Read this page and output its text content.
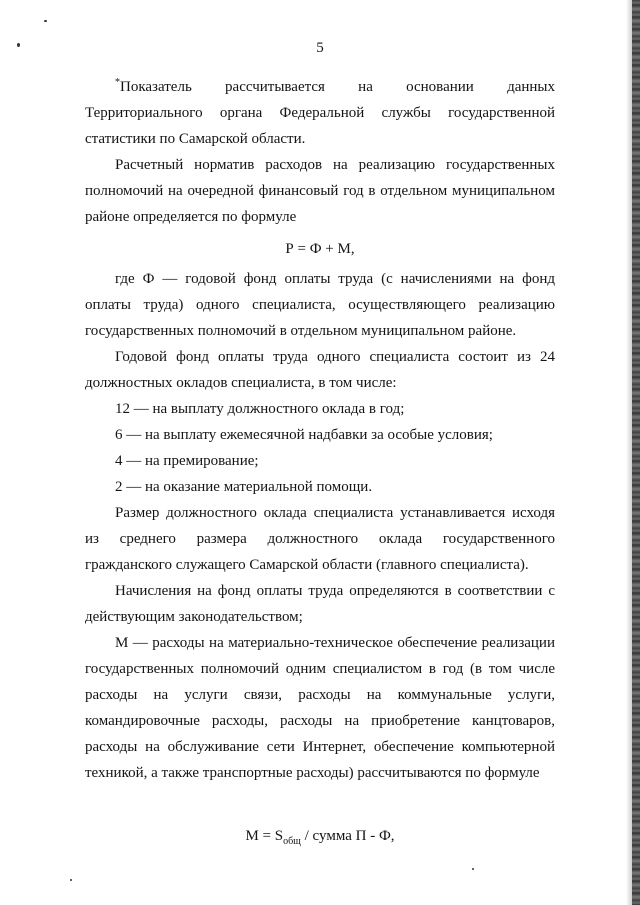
5

*Показатель рассчитывается на основании данных Территориального органа Федеральной службы государственной статистики по Самарской области.

Расчетный норматив расходов на реализацию государственных полномочий на очередной финансовый год в отдельном муниципальном районе определяется по формуле

Р = Ф + М,

где Ф — годовой фонд оплаты труда (с начислениями на фонд оплаты труда) одного специалиста, осуществляющего реализацию государственных полномочий в отдельном муниципальном районе.

Годовой фонд оплаты труда одного специалиста состоит из 24 должностных окладов специалиста, в том числе:

12 — на выплату должностного оклада в год;

6 — на выплату ежемесячной надбавки за особые условия;

4 — на премирование;

2 — на оказание материальной помощи.

Размер должностного оклада специалиста устанавливается исходя из среднего размера должностного оклада государственного гражданского служащего Самарской области (главного специалиста).

Начисления на фонд оплаты труда определяются в соответствии с действующим законодательством;

М — расходы на материально-техническое обеспечение реализации государственных полномочий одним специалистом в год (в том числе расходы на услуги связи, расходы на коммунальные услуги, командировочные расходы, расходы на приобретение канцтоваров, расходы на обслуживание сети Интернет, обеспечение компьютерной техникой, а также транспортные расходы) рассчитываются по формуле

$М = S_{общ}$ / сумма П - Ф,
